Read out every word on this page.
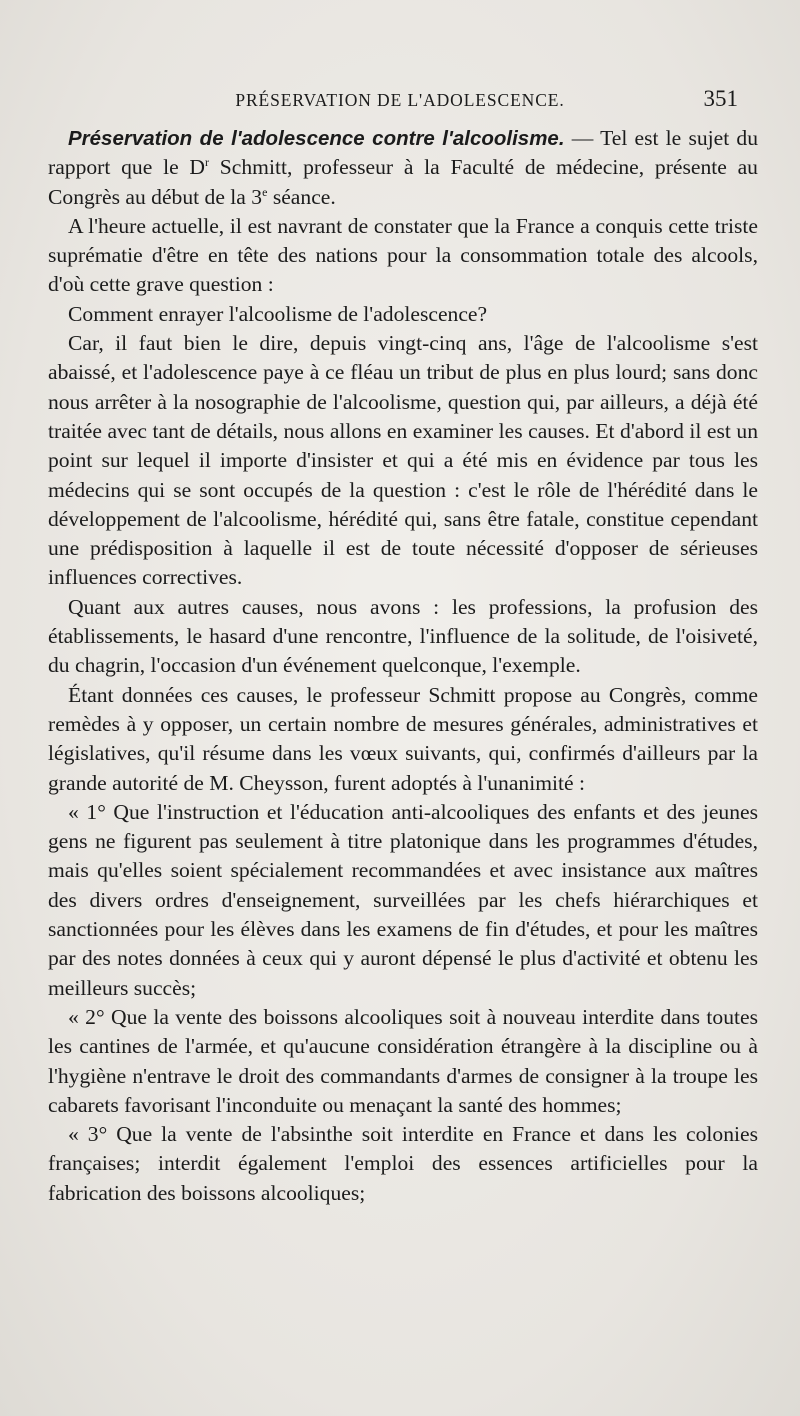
PRÉSERVATION DE L'ADOLESCENCE.	351

Préservation de l'adolescence contre l'alcoolisme. — Tel est le sujet du rapport que le $D^r$ Schmitt, professeur à la Faculté de médecine, présente au Congrès au début de la 3e séance.

A l'heure actuelle, il est navrant de constater que la France a conquis cette triste suprématie d'être en tête des nations pour la consommation totale des alcools, d'où cette grave question :

Comment enrayer l'alcoolisme de l'adolescence?

Car, il faut bien le dire, depuis vingt-cinq ans, l'âge de l'alcoolisme s'est abaissé, et l'adolescence paye à ce fléau un tribut de plus en plus lourd; sans donc nous arrêter à la nosographie de l'alcoolisme, question qui, par ailleurs, a déjà été traitée avec tant de détails, nous allons en examiner les causes. Et d'abord il est un point sur lequel il importe d'insister et qui a été mis en évidence par tous les médecins qui se sont occupés de la question : c'est le rôle de l'hérédité dans le développement de l'alcoolisme, hérédité qui, sans être fatale, constitue cependant une prédisposition à laquelle il est de toute nécessité d'opposer de sérieuses influences correctives.

Quant aux autres causes, nous avons : les professions, la profusion des établissements, le hasard d'une rencontre, l'influence de la solitude, de l'oisiveté, du chagrin, l'occasion d'un événement quelconque, l'exemple.

Étant données ces causes, le professeur Schmitt propose au Congrès, comme remèdes à y opposer, un certain nombre de mesures générales, administratives et législatives, qu'il résume dans les vœux suivants, qui, confirmés d'ailleurs par la grande autorité de M. Cheysson, furent adoptés à l'unanimité :

« 1° Que l'instruction et l'éducation anti-alcooliques des enfants et des jeunes gens ne figurent pas seulement à titre platonique dans les programmes d'études, mais qu'elles soient spécialement recommandées et avec insistance aux maîtres des divers ordres d'enseignement, surveillées par les chefs hiérarchiques et sanctionnées pour les élèves dans les examens de fin d'études, et pour les maîtres par des notes données à ceux qui y auront dépensé le plus d'activité et obtenu les meilleurs succès;

« 2° Que la vente des boissons alcooliques soit à nouveau interdite dans toutes les cantines de l'armée, et qu'aucune considération étrangère à la discipline ou à l'hygiène n'entrave le droit des commandants d'armes de consigner à la troupe les cabarets favorisant l'inconduite ou menaçant la santé des hommes;

« 3° Que la vente de l'absinthe soit interdite en France et dans les colonies françaises; interdit également l'emploi des essences artificielles pour la fabrication des boissons alcooliques;
